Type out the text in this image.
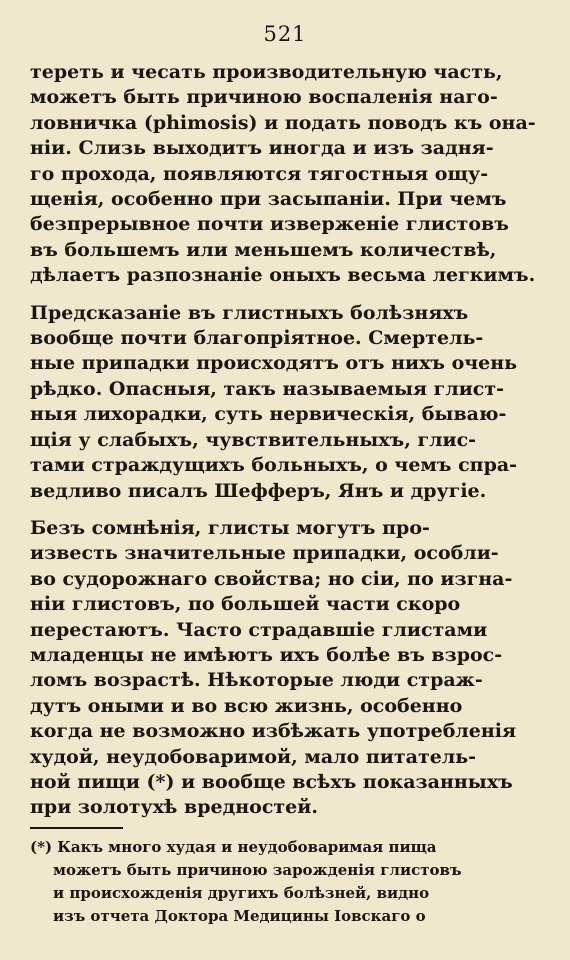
521
тереть и чесать производительную часть,
можетъ быть причиною воспаленія наго-
ловничка (phimosis) и подать поводъ къ она-
ніи. Слизь выходитъ иногда и изъ задня-
го прохода, появляются тягостныя ощу-
щенія, особенно при засыпаніи. При чемъ
безпрерывное почти изверженіе глистовъ
въ большемъ или меньшемъ количествѣ,
дѣлаетъ разпознаніе оныхъ весьма легкимъ.
Предсказаніе въ глистныхъ болѣзняхъ
вообще почти благопріятное. Смертель-
ные припадки происходятъ отъ нихъ очень
рѣдко. Опасныя, такъ называемыя глист-
ныя лихорадки, суть нервическія, бываю-
щія у слабыхъ, чувствительныхъ, глис-
тами страждущихъ больныхъ, о чемъ спра-
ведливо писалъ Шефферъ, Янъ и другіе.
Безъ сомнѣнія, глисты могутъ про-
известь значительные припадки, особли-
во судорожнаго свойства; но сіи, по изгна-
ніи глистовъ, по большей части скоро
перестаютъ. Часто страдавшіе глистами
младенцы не имѣютъ ихъ болѣе въ взрос-
ломъ возрастѣ. Нѣкоторые люди страж-
дутъ оными и во всю жизнь, особенно
когда не возможно избѣжать употребленія
худой, неудобоваримой, мало питатель-
ной пищи (*) и вообще всѣхъ показанныхъ
при золотухѣ вредностей.
(*) Какъ много худая и неудобоваримая пища
можетъ быть причиною зарожденія глистовъ
и происхожденія другихъ болѣзней, видно
изъ отчета Доктора Медицины Іовскаго о
